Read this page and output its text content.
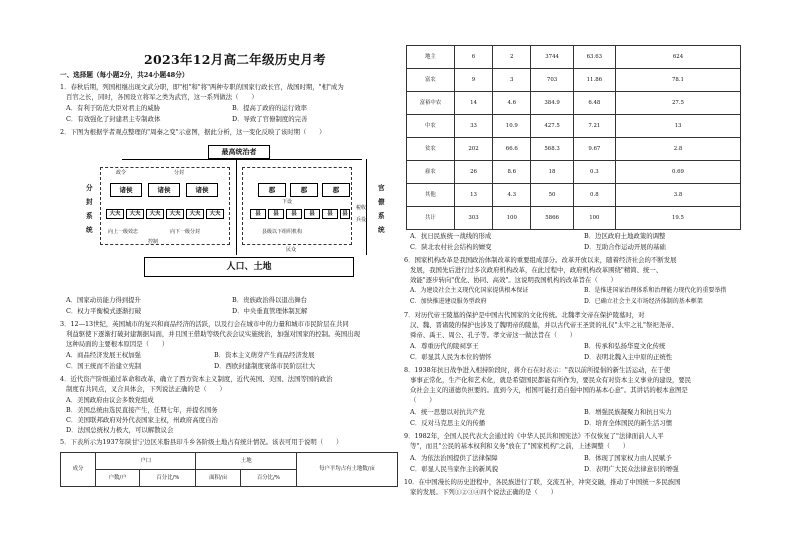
2023年12月高二年级历史月考
一、选择题（每小题2分，共24小题48分）
1．春秋后期，列国相继出现文武分职，即"相"和"将"两种专职的国家行政长官，战国时期，"相"成为
百官之长，同时，各国设立将军之类为武官，这一系列做法（　　）
A．有利于防范大臣对君主的威胁	B．提高了政府的运行效率
C．有效强化了封建君主专制政体	D．导致了官僚制度的完善
2．下图为根据学者观点整理的"周秦之变"示意图，据此分析，这一变化反映了该时期（　　）
最高统治者
分封系统
官僚系统
政令	分封
诸侯	诸侯	诸侯
大夫	大夫	大夫	大夫	大夫	大夫
向上一级效忠	向下一级分封
郡	郡	郡
下设
县	县	县	县	县	县
县级以下组织机构
控制
税收
兵役
民众
人口、土地
A．国家动员能力得到提升	B．贵族政治得以退出舞台
C．权力平衡模式逐渐打破	D．中央垂直管理体制瓦解
3．12—13世纪，英国城市的复兴和商品经济的活跃，以及行会在城市中的力量和城市市民阶层在共同
利益驱使下逐渐打破封建割据局面，并且国王借助等级代表会议实施统治，加强对国家的控制。英国出现
这种局面的主要根本原因是（　　）
A．商品经济发展王权加强	B．资本主义萌芽产生商品经济发展
C．国王统而不治建立宪制	D．西欧封建制度衰落市民阶层壮大
4．近代资产阶级通过革命和改革，确立了西方资本主义制度，近代英国、美国、法国等国的政治
制度有共同点，叉合具体会，下列说法正确的是（　　）
A．美国政府由议会多数党组成
B．美国总统由选民直接产生，任期七年，并提名国务
C．美国联邦政府对外代表国家主权，州政府高度自治
D．法国总统权力极大，可以解散议会
5．下表所示为1937年陕甘宁边区米脂县印斗乡各阶级土地占有统计情况。该表可用于说明（　　）
成分	户口		土地		每户平均占有土地数/亩
	户数/户	百分比/%	面积/亩	百分比/%	
地主	6	2	3744	63.63	624
富农	9	3	703	11.86	78.1
富裕中农	14	4.6	384.9	6.48	27.5
中农	33	10.9	427.5	7.21	13
贫农	202	66.6	568.3	9.67	2.8
雇农	26	8.6	18	0.3	0.69
其他	13	4.3	50	0.8	3.8
共计	303	100	5866	100	19.5
A．抗日民族统一战线的形成	B．边区政府土地政策的调整
C．陕北农村社会结构的嬗变	D．互助合作运动开展的基础
6．国家机构改革是我国政治体制改革的重要组成部分。改革开放以来，随着经济社会的不断发展
发展，我国先后进行过多次政府机构改革，在此过程中，政府机构改革围绕"精简、统一、
效能"逐步转向"优化、协同、高效"。这说明我国机构的改革旨在（　　）
A．为建设社会主义现代化国家提供根本保证	B．是推进国家治理体系和治理能力现代化的重要举措
C．加快推进建设服务型政府	D．已确立社会主义市场经济体制的基本框架
7．对历代帝王陵墓的保护是中国古代国家的文化传统。北魏孝文帝在保护陵墓时，对
汉、魏、晋诸陵的保护也涉及了魏明帝的陵墓，并以古代帝王圣贤的礼仪"太牢之礼"祭祀尧帝、
舜帝、禹王、周公、孔子等。孝文帝这一做法旨在（　　）
A．尊重历代的陵祠享王	B．传承和弘扬华夏文化传统
C．彰显其人民为本位的情怀	D．表明北魏入主中原的正统性
8．1938年抗日战争进入相持阶段时，蒋介石在时表示："我以前所提倡的新生活运动，在于使
事事正常化，生产化和艺术化，就是希望国民都能有所作为，要民众有对资本主义事业的建设，要民
众社会主义的道德负担要的。直到今天，相国可能打造自强中国的基本心意"。其讲话的根本意图是
（　　）
A．统一思想以对抗共产党	B．增强民族凝聚力和抗日实力
C．反对马克思主义的传播	D．培育全体国民的新生活习惯
9．1982年，全国人民代表大会通过的《中华人民共和国宪法》不仅恢复了"法律面前人人平
等"，而且"公民的基本权利和义务"放在了"国家机构"之前，上述调整（　　）
A．为依法治国提供了法律保障	B．体现了国家权力由人民赋予
C．彰显人民当家作主的新风貌	D．表明广大民众法律意识的增强
10．在中国漫长的历史进程中，各民族进行了联，交流互补，冲突交融，推动了中国统一多民族国
家的发展。下列①②③④四个说法正确的是（　　）
